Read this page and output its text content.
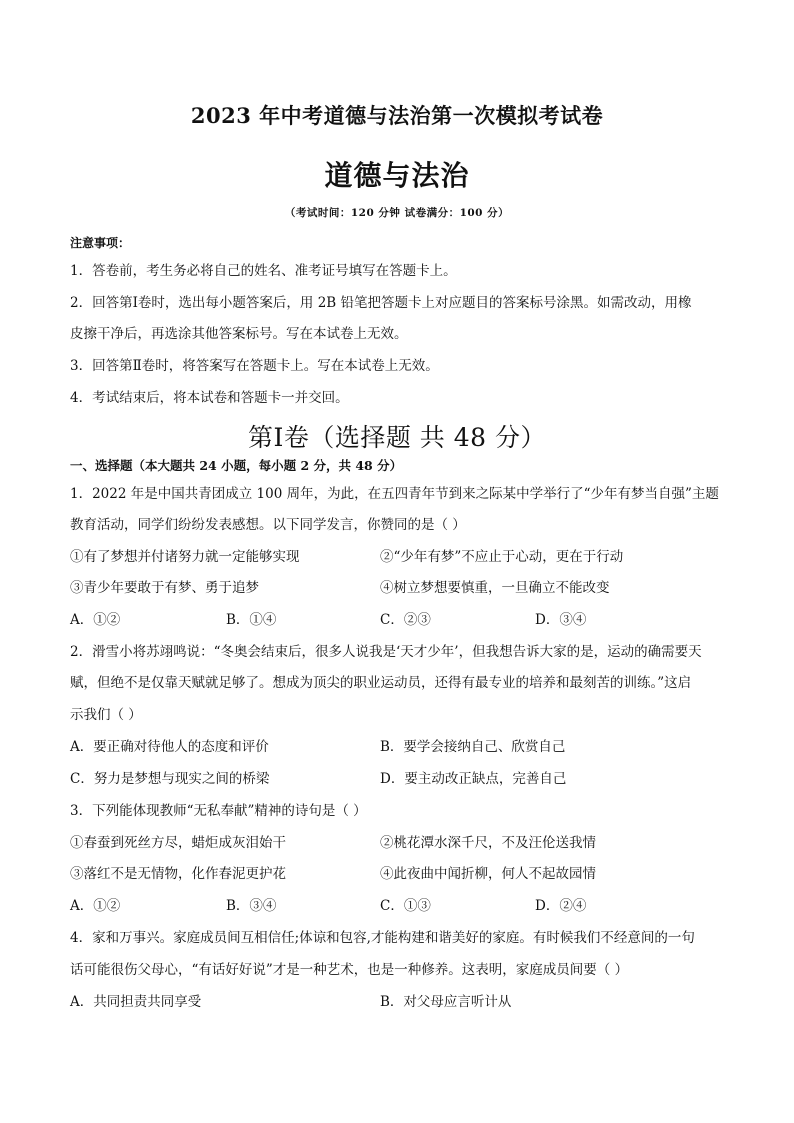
2023 年中考道德与法治第一次模拟考试卷
道德与法治
（考试时间：120 分钟 试卷满分：100 分）
注意事项：
1．答卷前，考生务必将自己的姓名、准考证号填写在答题卡上。
2．回答第Ⅰ卷时，选出每小题答案后，用 2B 铅笔把答题卡上对应题目的答案标号涂黑。如需改动，用橡
皮擦干净后，再选涂其他答案标号。写在本试卷上无效。
3．回答第Ⅱ卷时，将答案写在答题卡上。写在本试卷上无效。
4．考试结束后，将本试卷和答题卡一并交回。
第Ⅰ卷（选择题 共 48 分）
一、选择题（本大题共 24 小题，每小题 2 分，共 48 分）
1．2022 年是中国共青团成立 100 周年，为此，在五四青年节到来之际某中学举行了“少年有梦当自强”主题
教育活动，同学们纷纷发表感想。以下同学发言，你赞同的是（ ）
①有了梦想并付诸努力就一定能够实现	②“少年有梦”不应止于心动，更在于行动
③青少年要敢于有梦、勇于追梦	④树立梦想要慎重，一旦确立不能改变
A．①②	B．①④	C．②③	D．③④
2．滑雪小将苏翊鸣说：“冬奥会结束后，很多人说我是‘天才少年’，但我想告诉大家的是，运动的确需要天
赋，但绝不是仅靠天赋就足够了。想成为顶尖的职业运动员，还得有最专业的培养和最刻苦的训练。”这启
示我们（ ）
A．要正确对待他人的态度和评价	B．要学会接纳自己、欣赏自己
C．努力是梦想与现实之间的桥梁	D．要主动改正缺点，完善自己
3．下列能体现教师“无私奉献”精神的诗句是（ ）
①春蚕到死丝方尽，蜡炬成灰泪始干	②桃花潭水深千尺，不及汪伦送我情
③落红不是无情物，化作春泥更护花	④此夜曲中闻折柳，何人不起故园情
A．①②	B．③④	C．①③	D．②④
4．家和万事兴。家庭成员间互相信任;体谅和包容,才能构建和谐美好的家庭。有时候我们不经意间的一句
话可能很伤父母心，“有话好好说”才是一种艺术，也是一种修养。这表明，家庭成员间要（ ）
A．共同担责共同享受	B．对父母应言听计从
